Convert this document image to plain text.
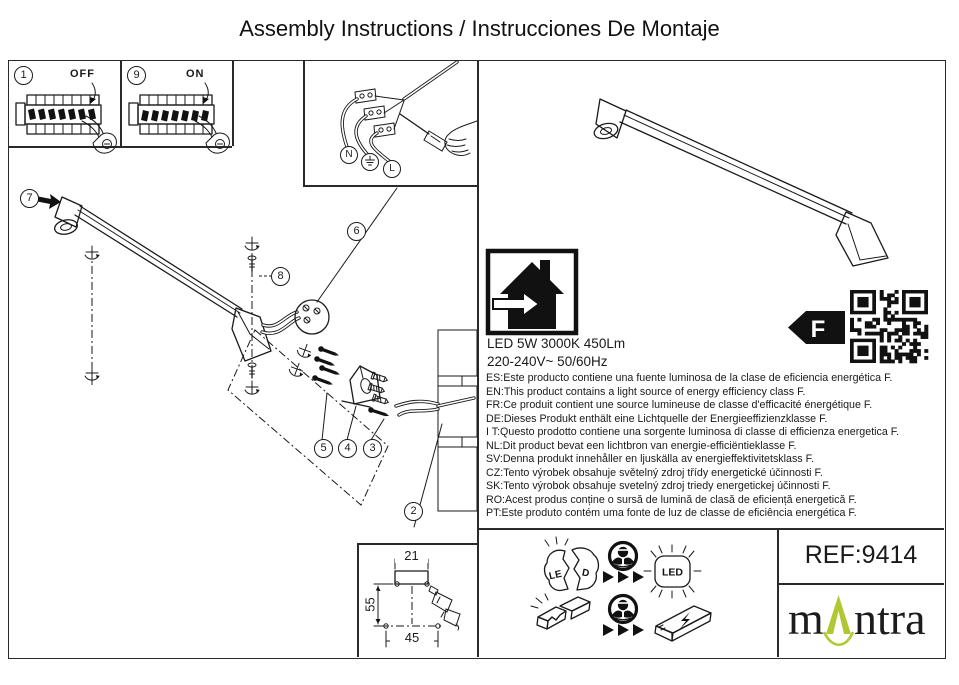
Assembly Instructions / Instrucciones De Montaje
F
LE D	LED
1	9
OFF	ON
7
8
6
5	4	3
2
N
L
LED 5W 3000K 450Lm
220-240V~ 50/60Hz
ES:Este producto contiene una fuente luminosa de la clase de eficiencia energética F.
EN:This product contains a light source of energy efficiency class F.
FR:Ce produit contient une source lumineuse de classe d'efficacité énergétique F.
DE:Dieses Produkt enthält eine Lichtquelle der Energieeffizienzklasse F.
I T:Questo prodotto contiene una sorgente luminosa di classe di efficienza energetica F.
NL:Dit product bevat een lichtbron van energie-efficiëntieklasse F.
SV:Denna produkt innehåller en ljuskälla av energieffektivitetsklass F.
CZ:Tento výrobek obsahuje světelný zdroj třídy energetické účinnosti F.
SK:Tento výrobok obsahuje svetelný zdroj triedy energetickej účinnosti F.
RO:Acest produs conține o sursă de lumină de clasă de eficiență energetică F.
PT:Este produto contém uma fonte de luz de classe de eficiência energética F.
21
55
45
REF:9414
m ntra
